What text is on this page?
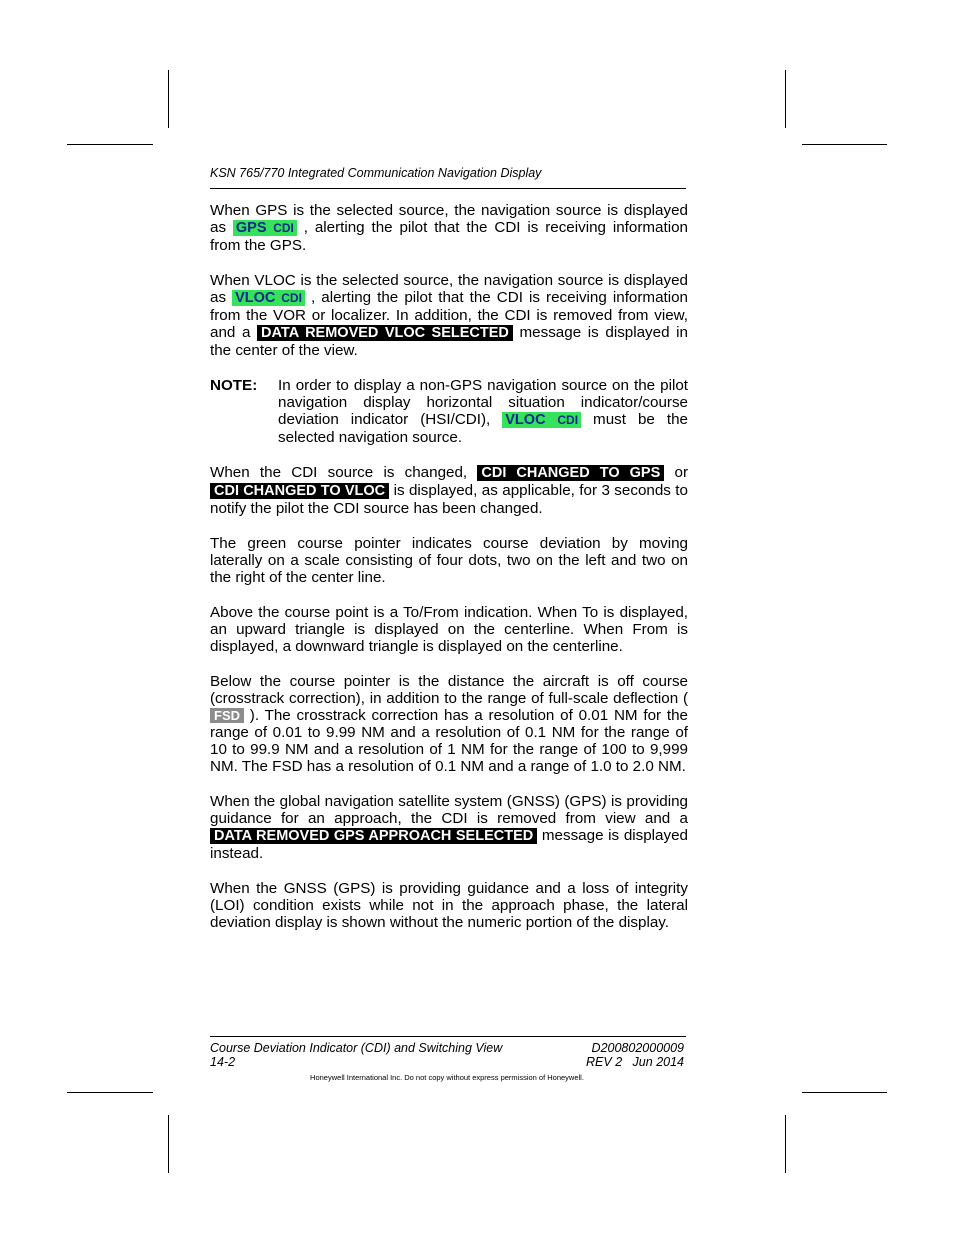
KSN 765/770 Integrated Communication Navigation Display

When GPS is the selected source, the navigation source is displayed as GPS CDI , alerting the pilot that the CDI is receiving information from the GPS.

When VLOC is the selected source, the navigation source is displayed as VLOC CDI , alerting the pilot that the CDI is receiving information from the VOR or localizer. In addition, the CDI is removed from view, and a DATA REMOVED VLOC SELECTED message is displayed in the center of the view.

NOTE:	In order to display a non-GPS navigation source on the pilot navigation display horizontal situation indicator/course deviation indicator (HSI/CDI), VLOC CDI must be the selected navigation source.

When the CDI source is changed, CDI CHANGED TO GPS or CDI CHANGED TO VLOC is displayed, as applicable, for 3 seconds to notify the pilot the CDI source has been changed.

The green course pointer indicates course deviation by moving laterally on a scale consisting of four dots, two on the left and two on the right of the center line.

Above the course point is a To/From indication. When To is displayed, an upward triangle is displayed on the centerline. When From is displayed, a downward triangle is displayed on the centerline.

Below the course pointer is the distance the aircraft is off course (crosstrack correction), in addition to the range of full-scale deflection ( FSD ). The crosstrack correction has a resolution of 0.01 NM for the range of 0.01 to 9.99 NM and a resolution of 0.1 NM for the range of 10 to 99.9 NM and a resolution of 1 NM for the range of 100 to 9,999 NM. The FSD has a resolution of 0.1 NM and a range of 1.0 to 2.0 NM.

When the global navigation satellite system (GNSS) (GPS) is providing guidance for an approach, the CDI is removed from view and a DATA REMOVED GPS APPROACH SELECTED message is displayed instead.

When the GNSS (GPS) is providing guidance and a loss of integrity (LOI) condition exists while not in the approach phase, the lateral deviation display is shown without the numeric portion of the display.

Course Deviation Indicator (CDI) and Switching View
14-2
D200802000009
REV 2   Jun 2014
Honeywell International Inc. Do not copy without express permission of Honeywell.
